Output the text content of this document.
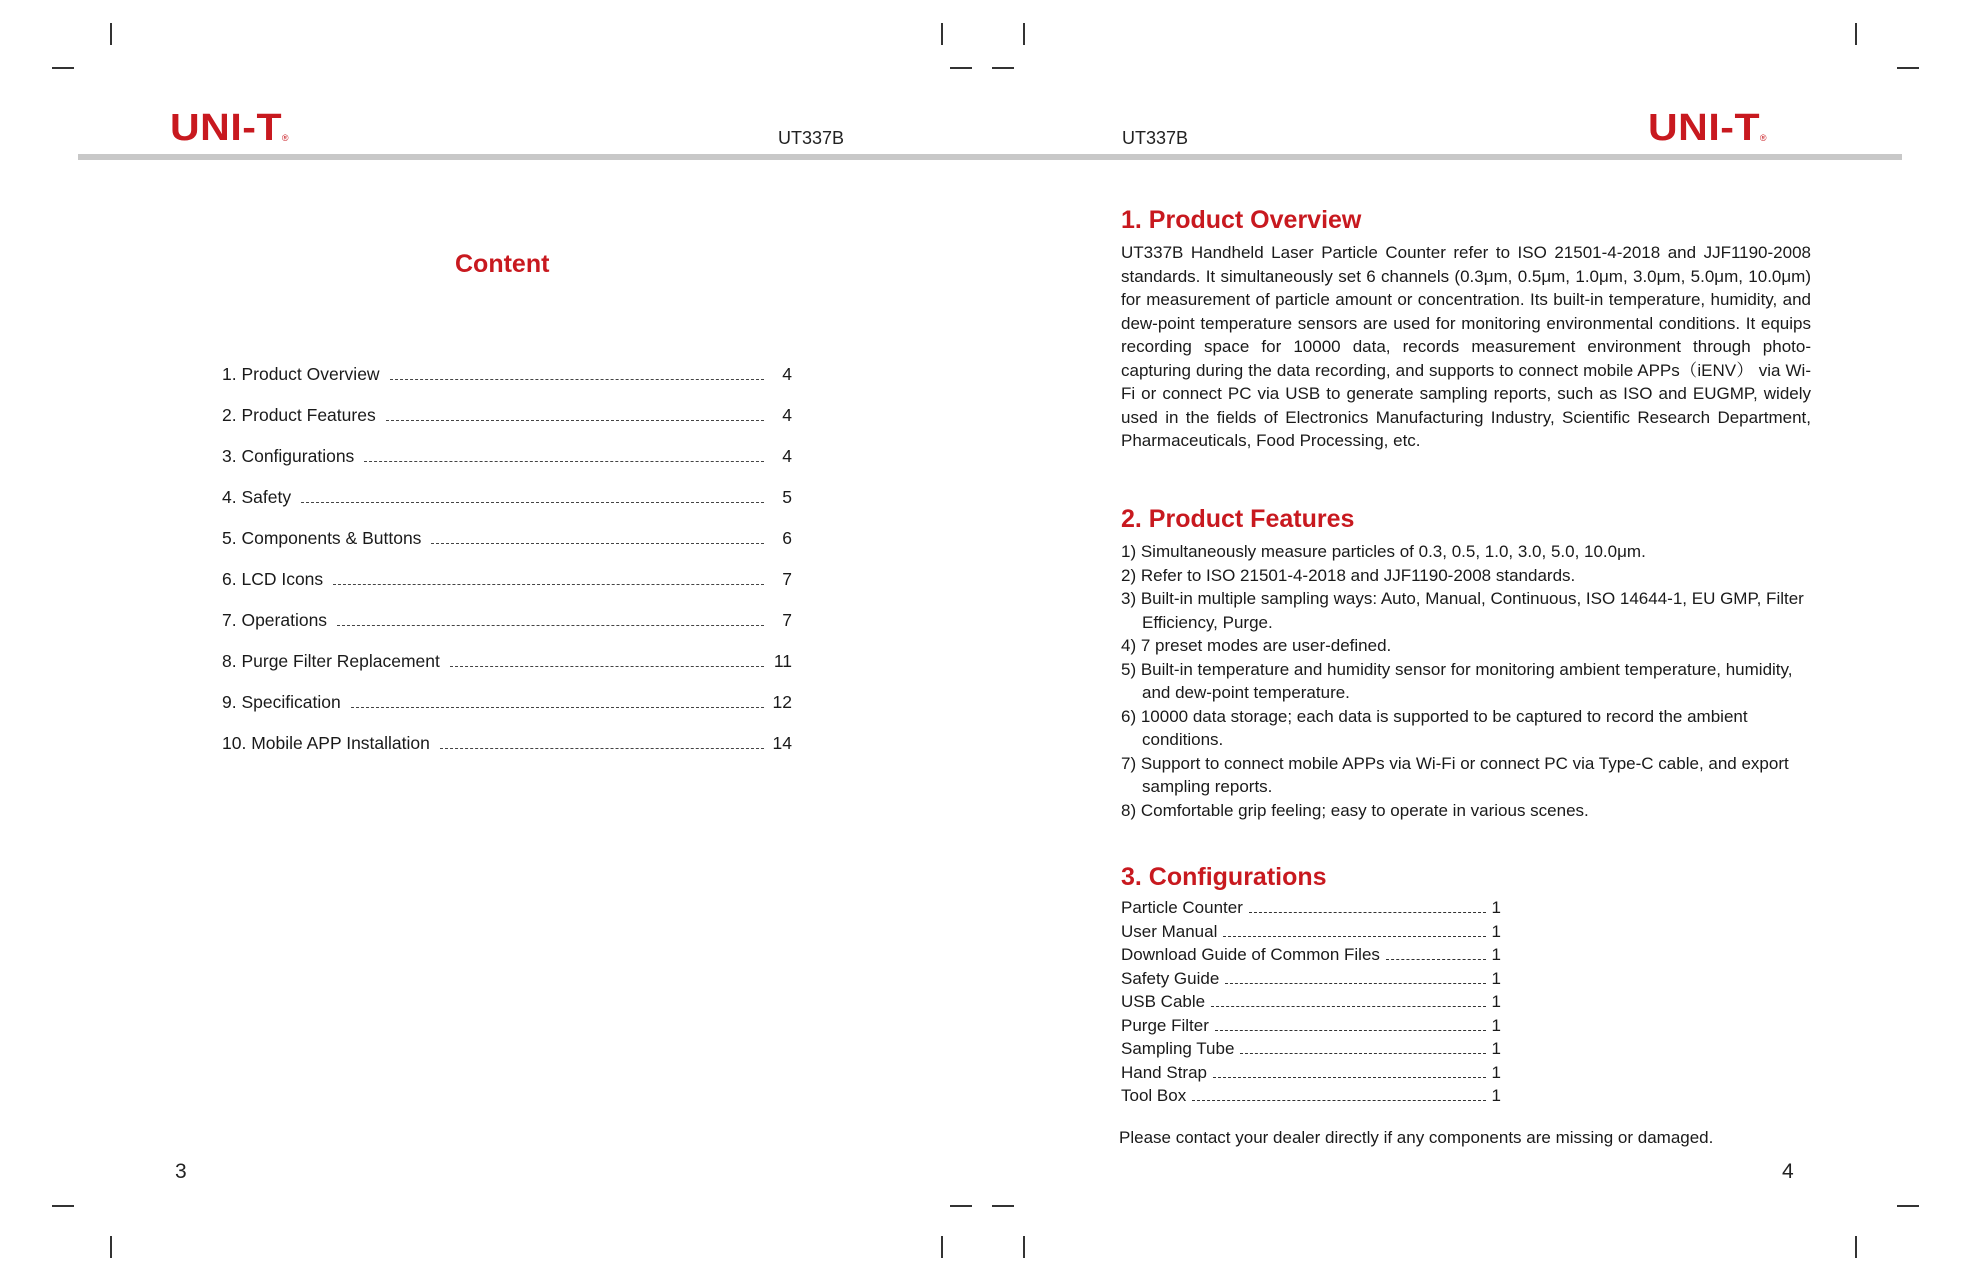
UNI-T ®	UT337B	UT337B	UNI-T ®
Content
1. Product Overview	4
2. Product Features	4
3. Configurations	4
4. Safety	5
5. Components & Buttons	6
6. LCD Icons	7
7. Operations	7
8. Purge Filter Replacement	11
9. Specification	12
10. Mobile APP Installation	14
3
1. Product Overview

UT337B Handheld Laser Particle Counter refer to ISO 21501-4-2018 and JJF1190-2008 standards. It simultaneously set 6 channels (0.3μm, 0.5μm, 1.0μm, 3.0μm, 5.0μm, 10.0μm) for measurement of particle amount or concentration. Its built-in temperature, humidity, and dew-point temperature sensors are used for monitoring environmental conditions. It equips recording space for 10000 data, records measurement environment through photo-capturing during the data recording, and supports to connect mobile APPs（iENV） via Wi-Fi or connect PC via USB to generate sampling reports, such as ISO and EUGMP, widely used in the fields of Electronics Manufacturing Industry, Scientific Research Department, Pharmaceuticals, Food Processing, etc.

2. Product Features
1) Simultaneously measure particles of 0.3, 0.5, 1.0, 3.0, 5.0, 10.0μm.
2) Refer to ISO 21501-4-2018 and JJF1190-2008 standards.
3) Built-in multiple sampling ways: Auto, Manual, Continuous, ISO 14644-1, EU GMP, Filter Efficiency, Purge.
4) 7 preset modes are user-defined.
5) Built-in temperature and humidity sensor for monitoring ambient temperature, humidity, and dew-point temperature.
6) 10000 data storage; each data is supported to be captured to record the ambient conditions.
7) Support to connect mobile APPs via Wi-Fi or connect PC via Type-C cable, and export sampling reports.
8) Comfortable grip feeling; easy to operate in various scenes.
3. Configurations
Particle Counter	1
User Manual	1
Download Guide of Common Files	1
Safety Guide	1
USB Cable	1
Purge Filter	1
Sampling Tube	1
Hand Strap	1
Tool Box	1
Please contact your dealer directly if any components are missing or damaged.
4
